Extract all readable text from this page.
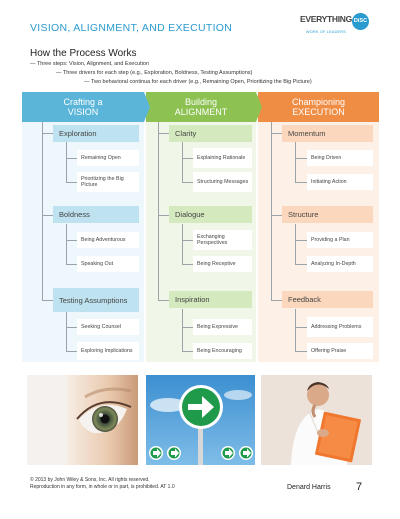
VISION, ALIGNMENT, AND EXECUTION
EVERYTHING DiSC
WORK OF LEADERS
How the Process Works
— Three steps: Vision, Alignment, and Execution
— Three drivers for each step (e.g., Exploration, Boldness, Testing Assumptions)
— Two behavioral continua for each driver (e.g., Remaining Open, Prioritizing the Big Picture)
Crafting a VISION
Building ALIGNMENT
Championing EXECUTION
Exploration
Remaining Open
Prioritizing the Big Picture
Boldness
Being Adventurous
Speaking Out
Testing Assumptions
Seeking Counsel
Exploring Implications
Clarity
Explaining Rationale
Structuring Messages
Dialogue
Exchanging Perspectives
Being Receptive
Inspiration
Being Expressive
Being Encouraging
Momentum
Being Driven
Initiating Action
Structure
Providing a Plan
Analyzing In-Depth
Feedback
Addressing Problems
Offering Praise
© 2013 by John Wiley & Sons, Inc. All rights reserved.
Reproduction in any form, in whole or in part, is prohibited. AT 1.0	Denard Harris 7
